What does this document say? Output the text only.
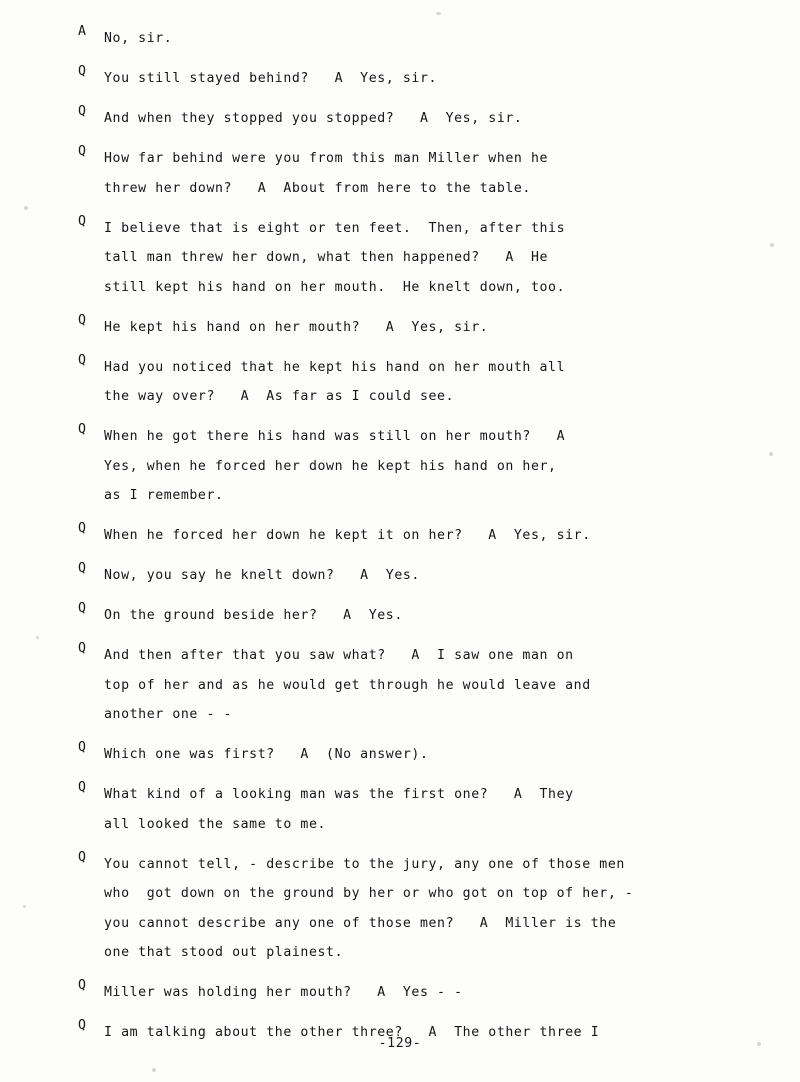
A	No, sir.
Q	You still stayed behind?   A  Yes, sir.
Q	And when they stopped you stopped?   A  Yes, sir.
Q	How far behind were you from this man Miller when he
threw her down?   A  About from here to the table.
Q	I believe that is eight or ten feet.  Then, after this
tall man threw her down, what then happened?   A  He
still kept his hand on her mouth.  He knelt down, too.
Q	He kept his hand on her mouth?   A  Yes, sir.
Q	Had you noticed that he kept his hand on her mouth all
the way over?   A  As far as I could see.
Q	When he got there his hand was still on her mouth?   A
Yes, when he forced her down he kept his hand on her,
as I remember.
Q	When he forced her down he kept it on her?   A  Yes, sir.
Q	Now, you say he knelt down?   A  Yes.
Q	On the ground beside her?   A  Yes.
Q	And then after that you saw what?   A  I saw one man on
top of her and as he would get through he would leave and
another one - -
Q	Which one was first?   A  (No answer).
Q	What kind of a looking man was the first one?   A  They
all looked the same to me.
Q	You cannot tell, - describe to the jury, any one of those men
who  got down on the ground by her or who got on top of her, -
you cannot describe any one of those men?   A  Miller is the
one that stood out plainest.
Q	Miller was holding her mouth?   A  Yes - -
Q	I am talking about the other three?   A  The other three I
-129-
